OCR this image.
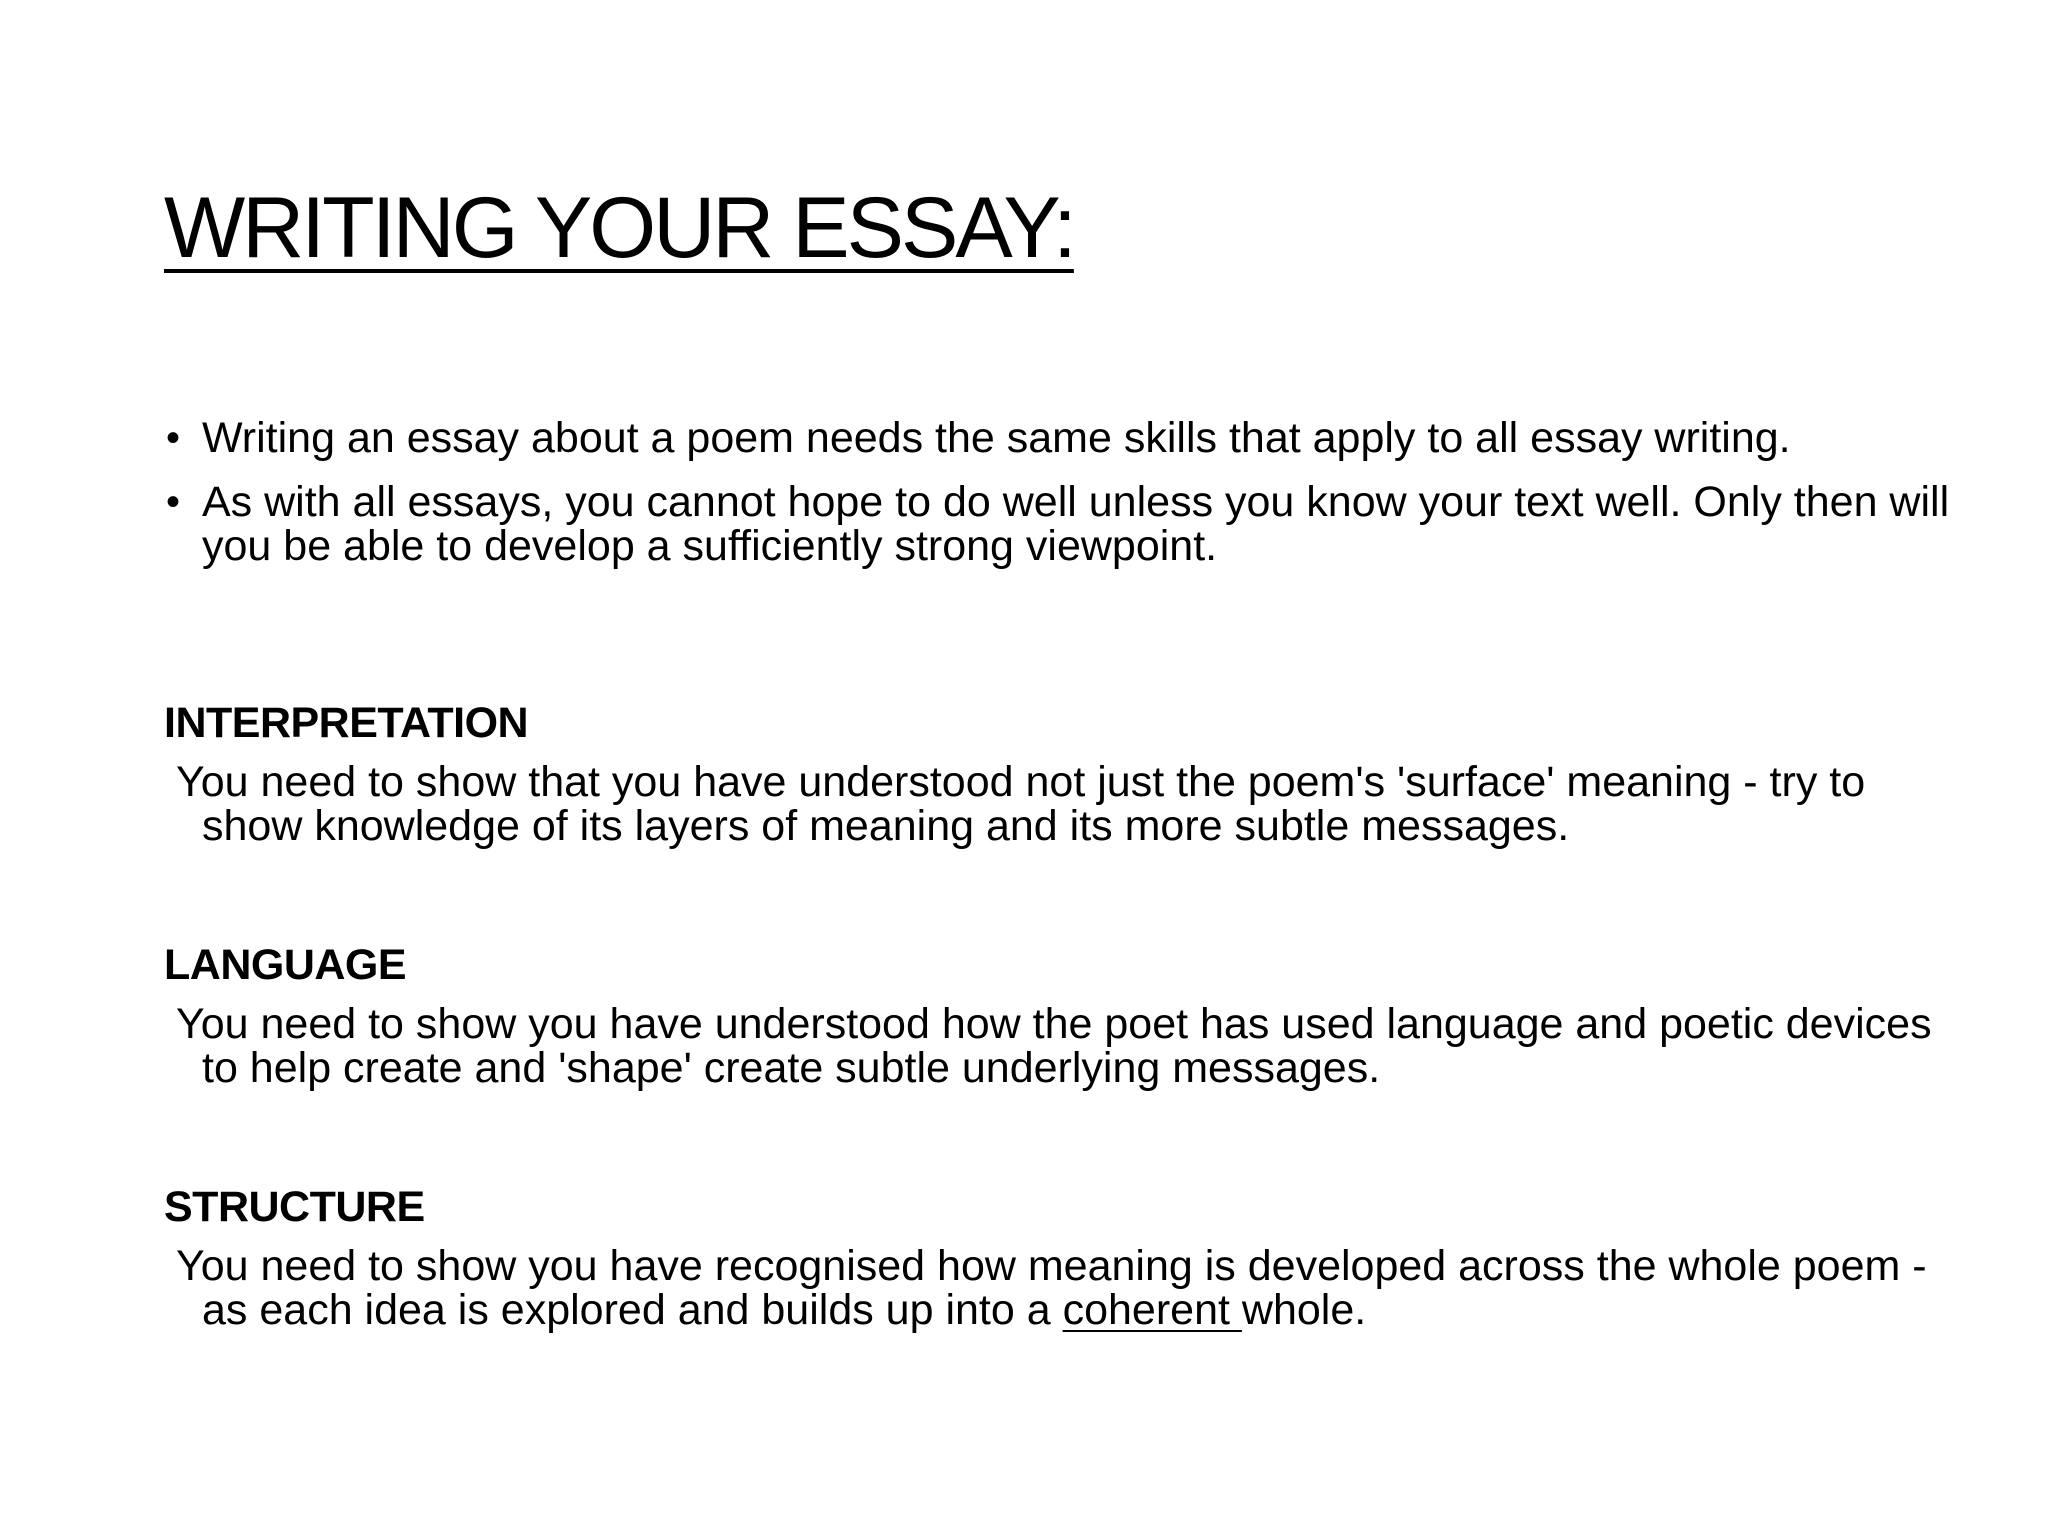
WRITING YOUR ESSAY:
• Writing an essay about a poem needs the same skills that apply to all essay writing.
• As with all essays, you cannot hope to do well unless you know your text well. Only then will you be able to develop a sufficiently strong viewpoint.
INTERPRETATION

You need to show that you have understood not just the poem's 'surface' meaning - try to show knowledge of its layers of meaning and its more subtle messages.

LANGUAGE

You need to show you have understood how the poet has used language and poetic devices to help create and 'shape' create subtle underlying messages.

STRUCTURE

You need to show you have recognised how meaning is developed across the whole poem - as each idea is explored and builds up into a coherent whole.
